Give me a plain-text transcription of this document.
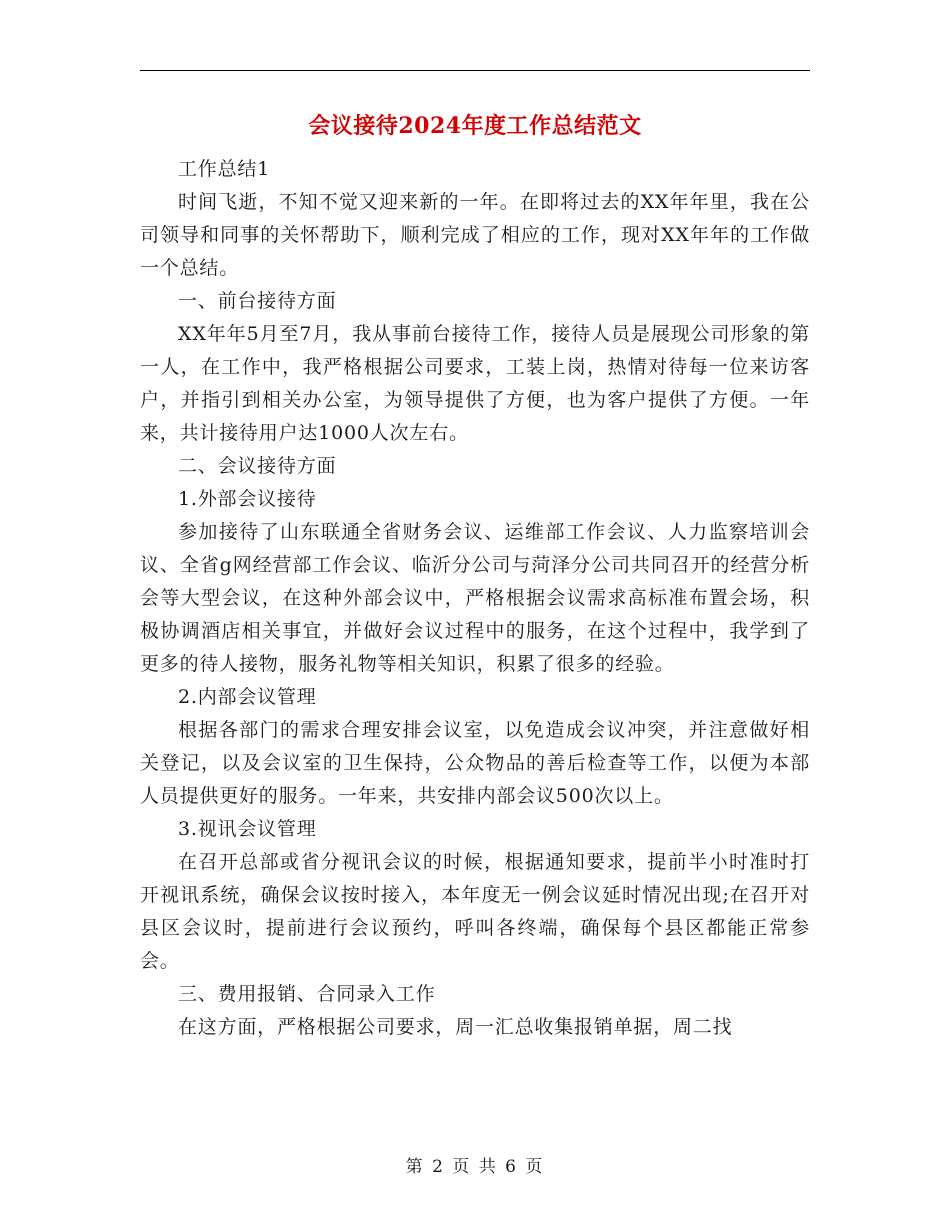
会议接待2024年度工作总结范文

工作总结1

时间飞逝，不知不觉又迎来新的一年。在即将过去的XX年年里，我在公司领导和同事的关怀帮助下，顺利完成了相应的工作，现对XX年年的工作做一个总结。

一、前台接待方面

XX年年5月至7月，我从事前台接待工作，接待人员是展现公司形象的第一人，在工作中，我严格根据公司要求，工装上岗，热情对待每一位来访客户，并指引到相关办公室，为领导提供了方便，也为客户提供了方便。一年来，共计接待用户达1000人次左右。

二、会议接待方面

1.外部会议接待

参加接待了山东联通全省财务会议、运维部工作会议、人力监察培训会议、全省g网经营部工作会议、临沂分公司与菏泽分公司共同召开的经营分析会等大型会议，在这种外部会议中，严格根据会议需求高标准布置会场，积极协调酒店相关事宜，并做好会议过程中的服务，在这个过程中，我学到了更多的待人接物，服务礼物等相关知识，积累了很多的经验。

2.内部会议管理

根据各部门的需求合理安排会议室，以免造成会议冲突，并注意做好相关登记，以及会议室的卫生保持，公众物品的善后检查等工作，以便为本部人员提供更好的服务。一年来，共安排内部会议500次以上。

3.视讯会议管理

在召开总部或省分视讯会议的时候，根据通知要求，提前半小时准时打开视讯系统，确保会议按时接入，本年度无一例会议延时情况出现;在召开对县区会议时，提前进行会议预约，呼叫各终端，确保每个县区都能正常参会。

三、费用报销、合同录入工作

在这方面，严格根据公司要求，周一汇总收集报销单据，周二找

第 2 页 共 6 页
